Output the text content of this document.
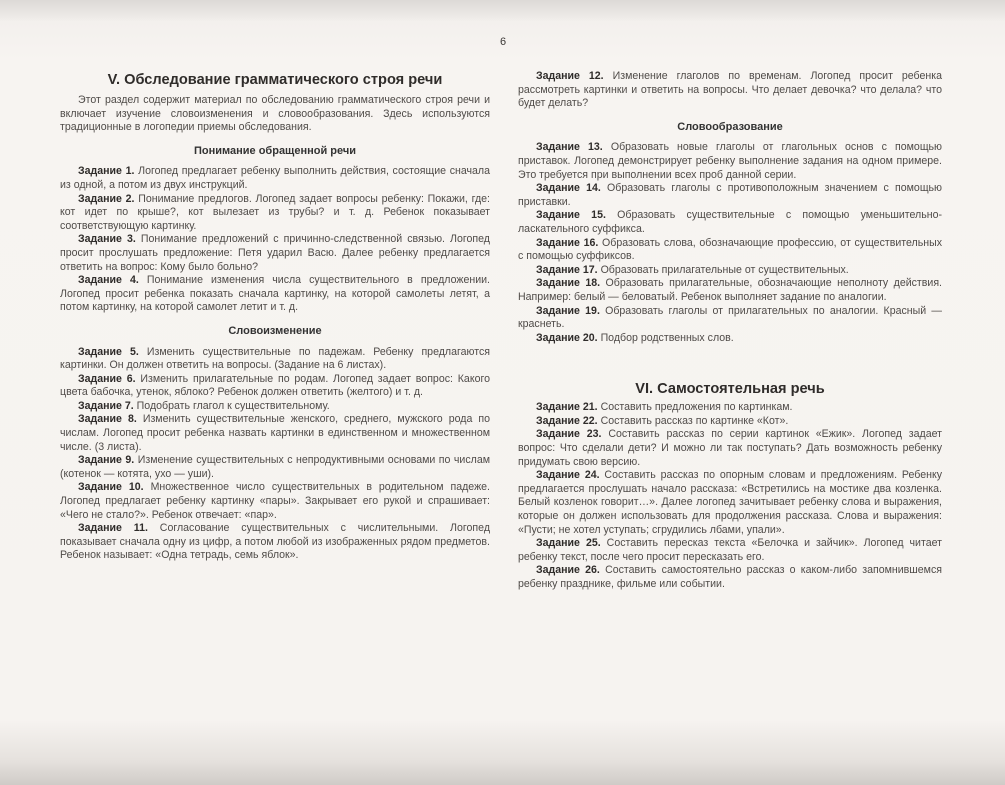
6
V. Обследование грамматического строя речи

Этот раздел содержит материал по обследованию грамматического строя речи и включает изучение словоизменения и словообразования. Здесь используются традиционные в логопедии приемы обследования.

Понимание обращенной речи

Задание 1. Логопед предлагает ребенку выполнить действия, состоящие сначала из одной, а потом из двух инструкций.

Задание 2. Понимание предлогов. Логопед задает вопросы ребенку: Покажи, где: кот идет по крыше?, кот вылезает из трубы? и т. д. Ребенок показывает соответствующую картинку.

Задание 3. Понимание предложений с причинно-следственной связью. Логопед просит прослушать предложение: Петя ударил Васю. Далее ребенку предлагается ответить на вопрос: Кому было больно?

Задание 4. Понимание изменения числа существительного в предложении. Логопед просит ребенка показать сначала картинку, на которой самолеты летят, а потом картинку, на которой самолет летит и т. д.

Словоизменение

Задание 5. Изменить существительные по падежам. Ребенку предлагаются картинки. Он должен ответить на вопросы. (Задание на 6 листах).

Задание 6. Изменить прилагательные по родам. Логопед задает вопрос: Какого цвета бабочка, утенок, яблоко? Ребенок должен ответить (желтого) и т. д.

Задание 7. Подобрать глагол к существительному.

Задание 8. Изменить существительные женского, среднего, мужского рода по числам. Логопед просит ребенка назвать картинки в единственном и множественном числе. (3 листа).

Задание 9. Изменение существительных с непродуктивными основами по числам (котенок — котята, ухо — уши).

Задание 10. Множественное число существительных в родительном падеже. Логопед предлагает ребенку картинку «пары». Закрывает его рукой и спрашивает: «Чего не стало?». Ребенок отвечает: «пар».

Задание 11. Согласование существительных с числительными. Логопед показывает сначала одну из цифр, а потом любой из изображенных рядом предметов. Ребенок называет: «Одна тетрадь, семь яблок».

Задание 12. Изменение глаголов по временам. Логопед просит ребенка рассмотреть картинки и ответить на вопросы. Что делает девочка? что делала? что будет делать?

Словообразование

Задание 13. Образовать новые глаголы от глагольных основ с помощью приставок. Логопед демонстрирует ребенку выполнение задания на одном примере. Это требуется при выполнении всех проб данной серии.

Задание 14. Образовать глаголы с противоположным значением с помощью приставки.

Задание 15. Образовать существительные с помощью уменьшительно-ласкательного суффикса.

Задание 16. Образовать слова, обозначающие профессию, от существительных с помощью суффиксов.

Задание 17. Образовать прилагательные от существительных.

Задание 18. Образовать прилагательные, обозначающие неполноту действия. Например: белый — беловатый. Ребенок выполняет задание по аналогии.

Задание 19. Образовать глаголы от прилагательных по аналогии. Красный — краснеть.

Задание 20. Подбор родственных слов.

VI. Самостоятельная речь

Задание 21. Составить предложения по картинкам.

Задание 22. Составить рассказ по картинке «Кот».

Задание 23. Составить рассказ по серии картинок «Ежик». Логопед задает вопрос: Что сделали дети? И можно ли так поступать? Дать возможность ребенку придумать свою версию.

Задание 24. Составить рассказ по опорным словам и предложениям. Ребенку предлагается прослушать начало рассказа: «Встретились на мостике два козленка. Белый козленок говорит…». Далее логопед зачитывает ребенку слова и выражения, которые он должен использовать для продолжения рассказа. Слова и выражения: «Пусти; не хотел уступать; сгрудились лбами, упали».

Задание 25. Составить пересказ текста «Белочка и зайчик». Логопед читает ребенку текст, после чего просит пересказать его.

Задание 26. Составить самостоятельно рассказ о каком-либо запомнившемся ребенку празднике, фильме или событии.
